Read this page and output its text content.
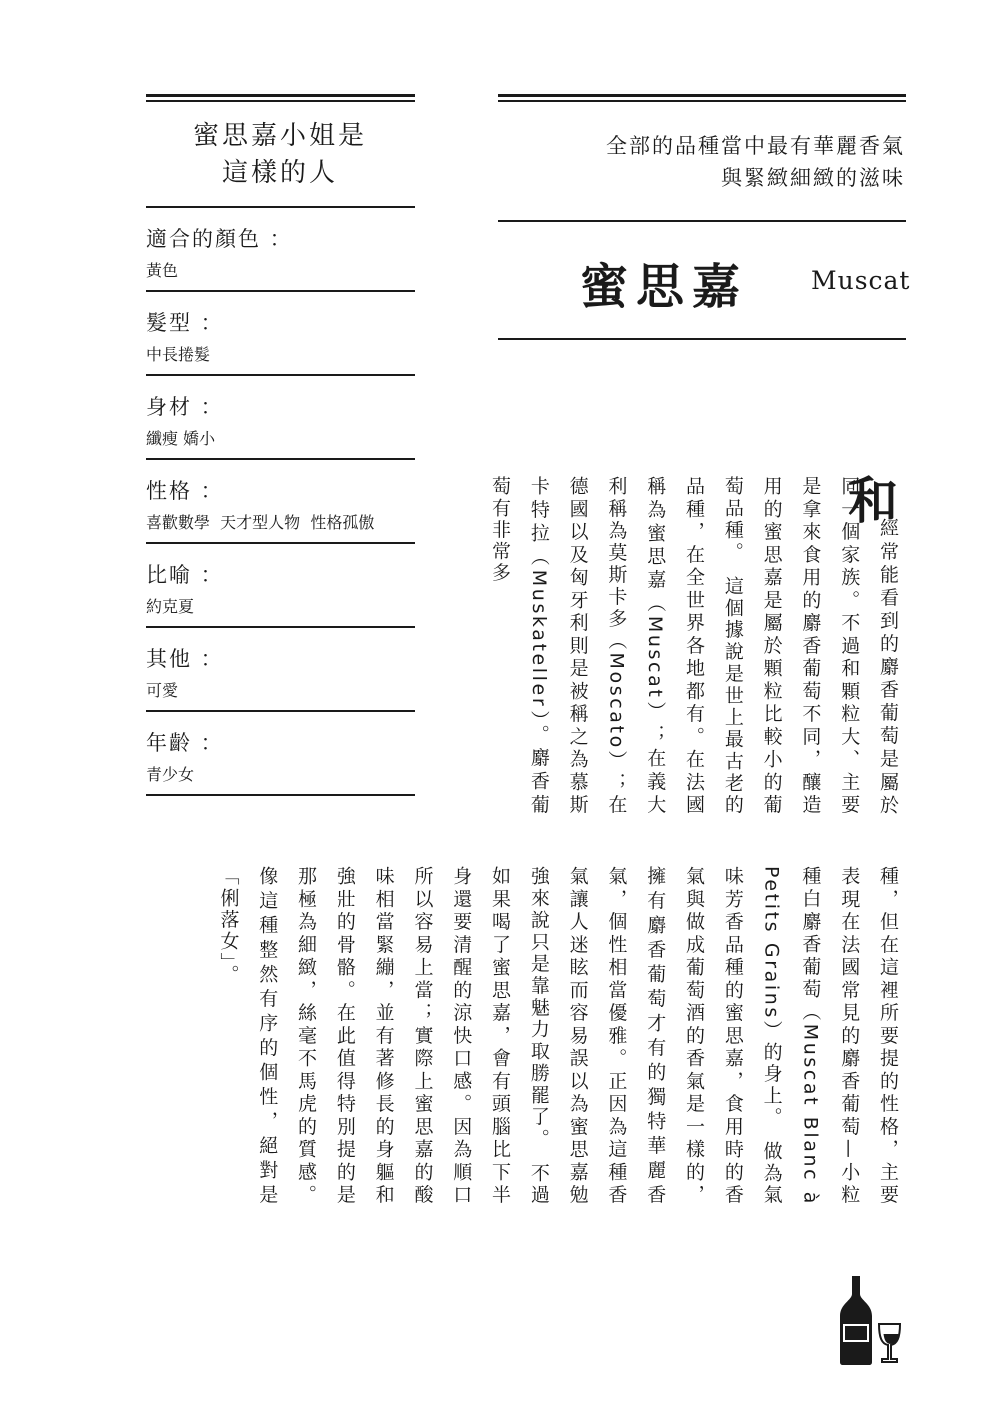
蜜思嘉小姐是
這樣的人
適合的顏色 ：
黃色
髮型 ：
中長捲髮
身材 ：
纖瘦 嬌小
性格 ：
喜歡數學  天才型人物  性格孤傲
比喻 ：
約克夏
其他 ：
可愛
年齡 ：
青少女
全部的品種當中最有華麗香氣
與緊緻細緻的滋味
蜜思嘉	Muscat
和

經常能看到的麝香葡萄是屬於同一個家族。不過和顆粒大、主要是拿來食用的麝香葡萄不同，釀造用的蜜思嘉是屬於顆粒比較小的葡萄品種。　這個據說是世上最古老的品種，在全世界各地都有。在法國稱為蜜思嘉（Muscat）；在義大利稱為莫斯卡多（Moscato）；在德國以及匈牙利則是被稱之為慕斯卡特拉（Muskateller）。麝香葡萄有非常多

種，但在這裡所要提的性格，主要表現在法國常見的麝香葡萄—小粒種白麝香葡萄（Muscat Blanc à Petits Grains）的身上。　做為氣味芳香品種的蜜思嘉，食用時的香氣與做成葡萄酒的香氣是一樣的，擁有麝香葡萄才有的獨特華麗香氣，個性相當優雅。正因為這種香氣讓人迷眩而容易誤以為蜜思嘉勉強來說只是靠魅力取勝罷了。　不過如果喝了蜜思嘉，會有頭腦比下半身還要清醒的涼快口感。因為順口所以容易上當；實際上蜜思嘉的酸味相當緊繃，並有著修長的身軀和強壯的骨骼。在此值得特別提的是那極為細緻，絲毫不馬虎的質感。像這種整然有序的個性，絕對是「俐落女」。
